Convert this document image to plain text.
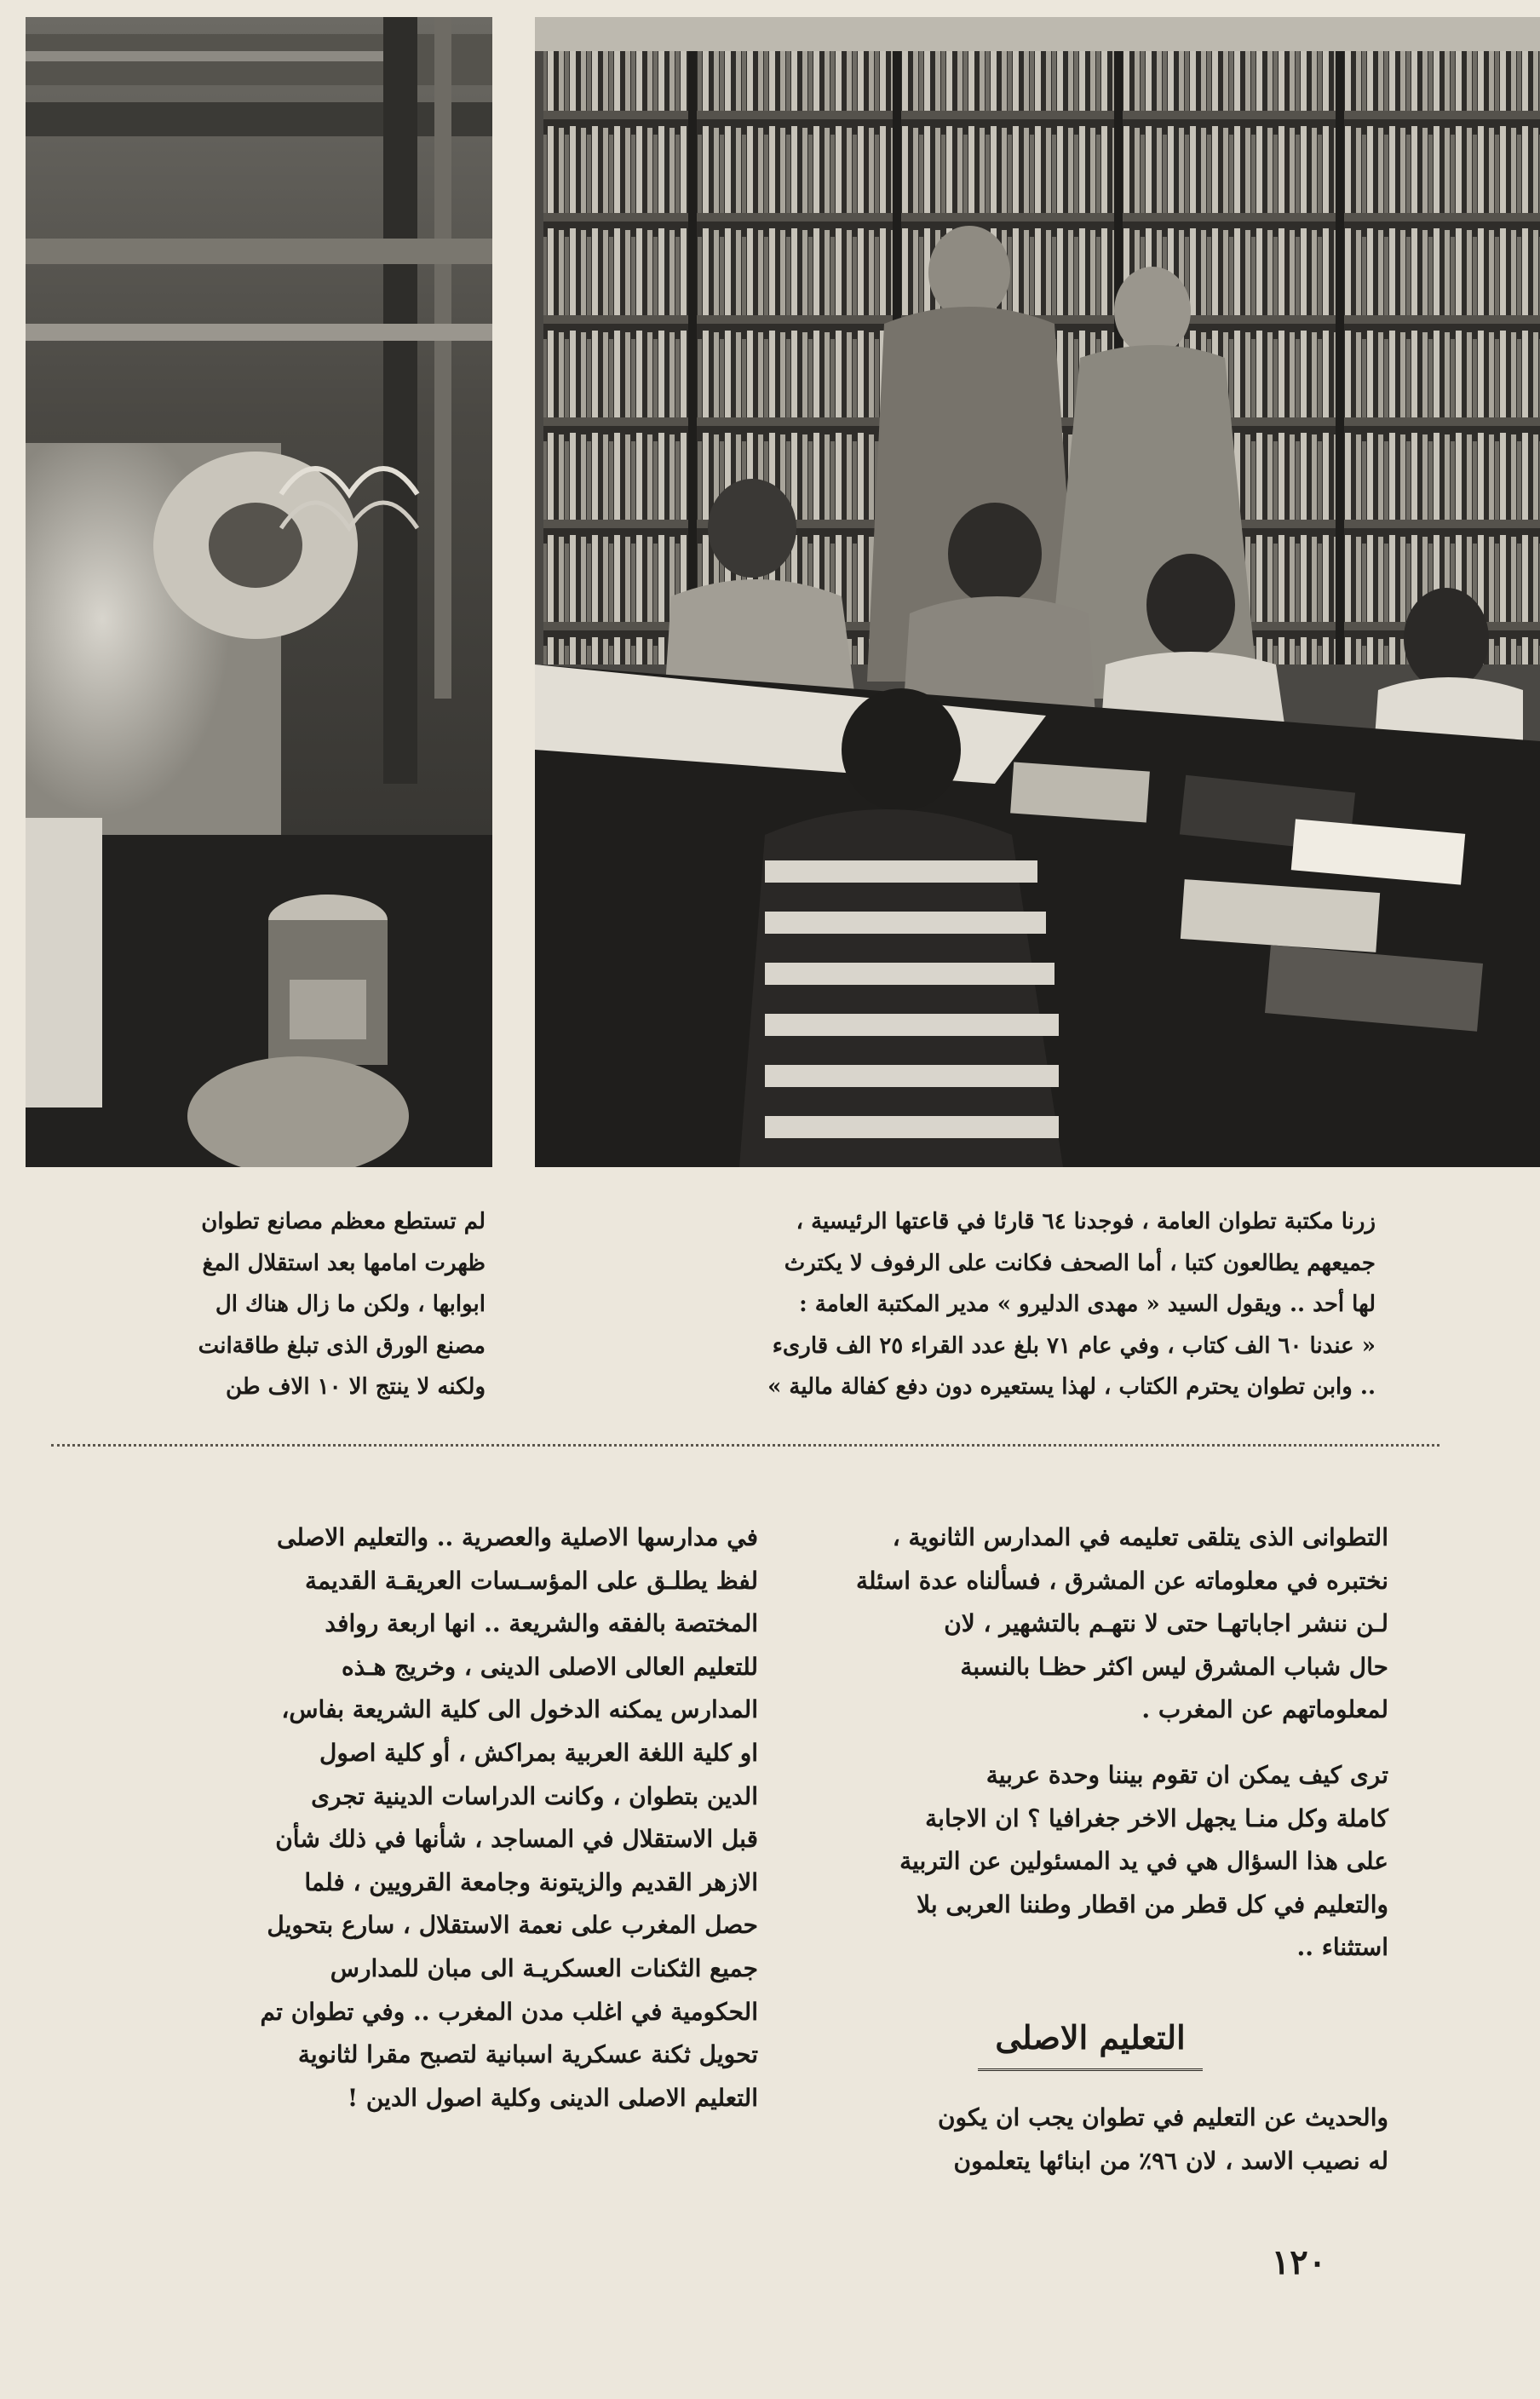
زرنا مكتبة تطوان العامة ، فوجدنا ٦٤ قارئا في قاعتها الرئيسية ،

جميعهم يطالعون كتبا ، أما الصحف فكانت على الرفوف لا يكترث

لها أحد .. ويقول السيد « مهدى الدليرو » مدير المكتبة العامة :

« عندنا ٦٠ الف كتاب ، وفي عام ٧١ بلغ عدد القراء ٢٥ الف قارىء

.. وابن تطوان يحترم الكتاب ، لهذا يستعيره دون دفع كفالة مالية »

لم تستطع معظم مصانع تطوان

ظهرت امامها بعد استقلال المغ

ابوابها ، ولكن ما زال هناك ال

مصنع الورق الذى تبلغ طاقةانت

ولكنه لا ينتج الا ١٠ الاف طن

التطوانى الذى يتلقى تعليمه في المدارس الثانوية ،

نختبره في معلوماته عن المشرق ، فسألناه عدة اسئلة

لـن ننشر اجاباتهـا حتى لا نتهـم بالتشهير ، لان

حال شباب المشرق ليس اكثر حظـا بالنسبة

لمعلوماتهم عن المغرب .

ترى كيف يمكن ان تقوم بيننا وحدة عربية

كاملة وكل منـا يجهل الاخر جغرافيا ؟ ان الاجابة

على هذا السؤال هي في يد المسئولين عن التربية

والتعليم في كل قطر من اقطار وطننا العربى بلا

استثناء ..

التعليم الاصلى

والحديث عن التعليم في تطوان يجب ان يكون

له نصيب الاسد ، لان ٩٦٪ من ابنائها يتعلمون

في مدارسها الاصلية والعصرية .. والتعليم الاصلى

لفظ يطلـق على المؤسـسات العريقـة القديمة

المختصة بالفقه والشريعة .. انها اربعة روافد

للتعليم العالى الاصلى الدينى ، وخريج هـذه

المدارس يمكنه الدخول الى كلية الشريعة بفاس،

او كلية اللغة العربية بمراكش ، أو كلية اصول

الدين بتطوان ، وكانت الدراسات الدينية تجرى

قبل الاستقلال في المساجد ، شأنها في ذلك شأن

الازهر القديم والزيتونة وجامعة القرويين ، فلما

حصل المغرب على نعمة الاستقلال ، سارع بتحويل

جميع الثكنات العسكريـة الى مبان للمدارس

الحكومية في اغلب مدن المغرب .. وفي تطوان تم

تحويل ثكنة عسكرية اسبانية لتصبح مقرا لثانوية

التعليم الاصلى الدينى وكلية اصول الدين !

١٢٠
